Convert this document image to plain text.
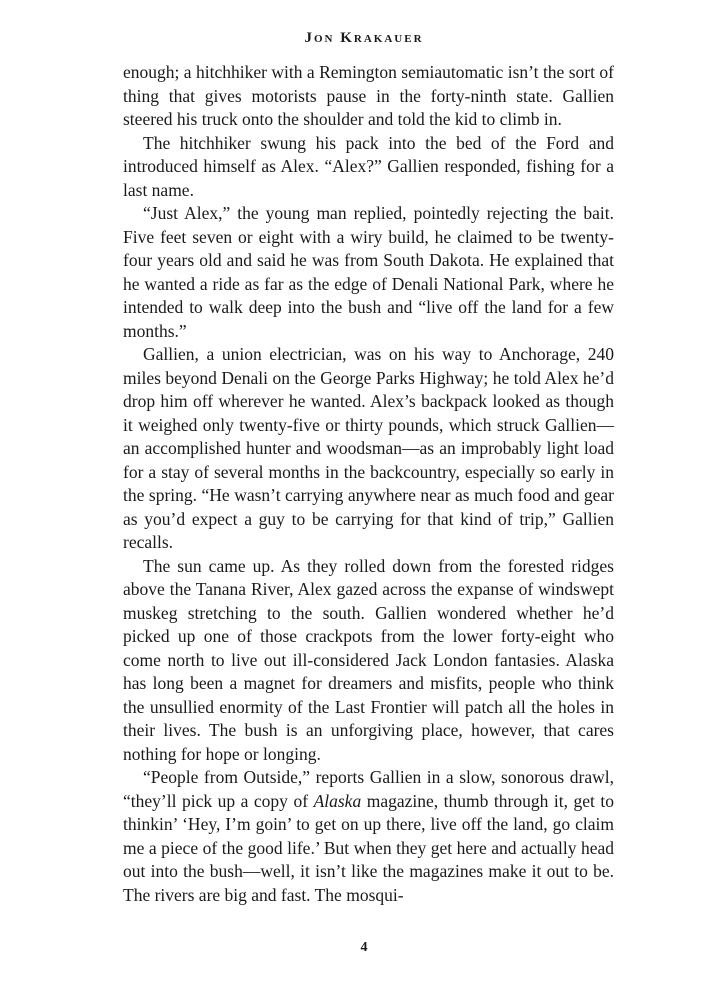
Jon Krakauer

enough; a hitchhiker with a Remington semiautomatic isn’t the sort of thing that gives motorists pause in the forty-ninth state. Gallien steered his truck onto the shoulder and told the kid to climb in.

The hitchhiker swung his pack into the bed of the Ford and introduced himself as Alex. “Alex?” Gallien responded, fishing for a last name.

“Just Alex,” the young man replied, pointedly rejecting the bait. Five feet seven or eight with a wiry build, he claimed to be twenty-four years old and said he was from South Dakota. He explained that he wanted a ride as far as the edge of Denali National Park, where he intended to walk deep into the bush and “live off the land for a few months.”

Gallien, a union electrician, was on his way to Anchorage, 240 miles beyond Denali on the George Parks Highway; he told Alex he’d drop him off wherever he wanted. Alex’s backpack looked as though it weighed only twenty-five or thirty pounds, which struck Gallien—an accomplished hunter and woodsman—as an improbably light load for a stay of several months in the backcountry, especially so early in the spring. “He wasn’t carrying anywhere near as much food and gear as you’d expect a guy to be carrying for that kind of trip,” Gallien recalls.

The sun came up. As they rolled down from the forested ridges above the Tanana River, Alex gazed across the expanse of windswept muskeg stretching to the south. Gallien wondered whether he’d picked up one of those crackpots from the lower forty-eight who come north to live out ill-considered Jack London fantasies. Alaska has long been a magnet for dreamers and misfits, people who think the unsullied enormity of the Last Frontier will patch all the holes in their lives. The bush is an unforgiving place, however, that cares nothing for hope or longing.

“People from Outside,” reports Gallien in a slow, sonorous drawl, “they’ll pick up a copy of Alaska magazine, thumb through it, get to thinkin’ ‘Hey, I’m goin’ to get on up there, live off the land, go claim me a piece of the good life.’ But when they get here and actually head out into the bush—well, it isn’t like the magazines make it out to be. The rivers are big and fast. The mosqui-

4
